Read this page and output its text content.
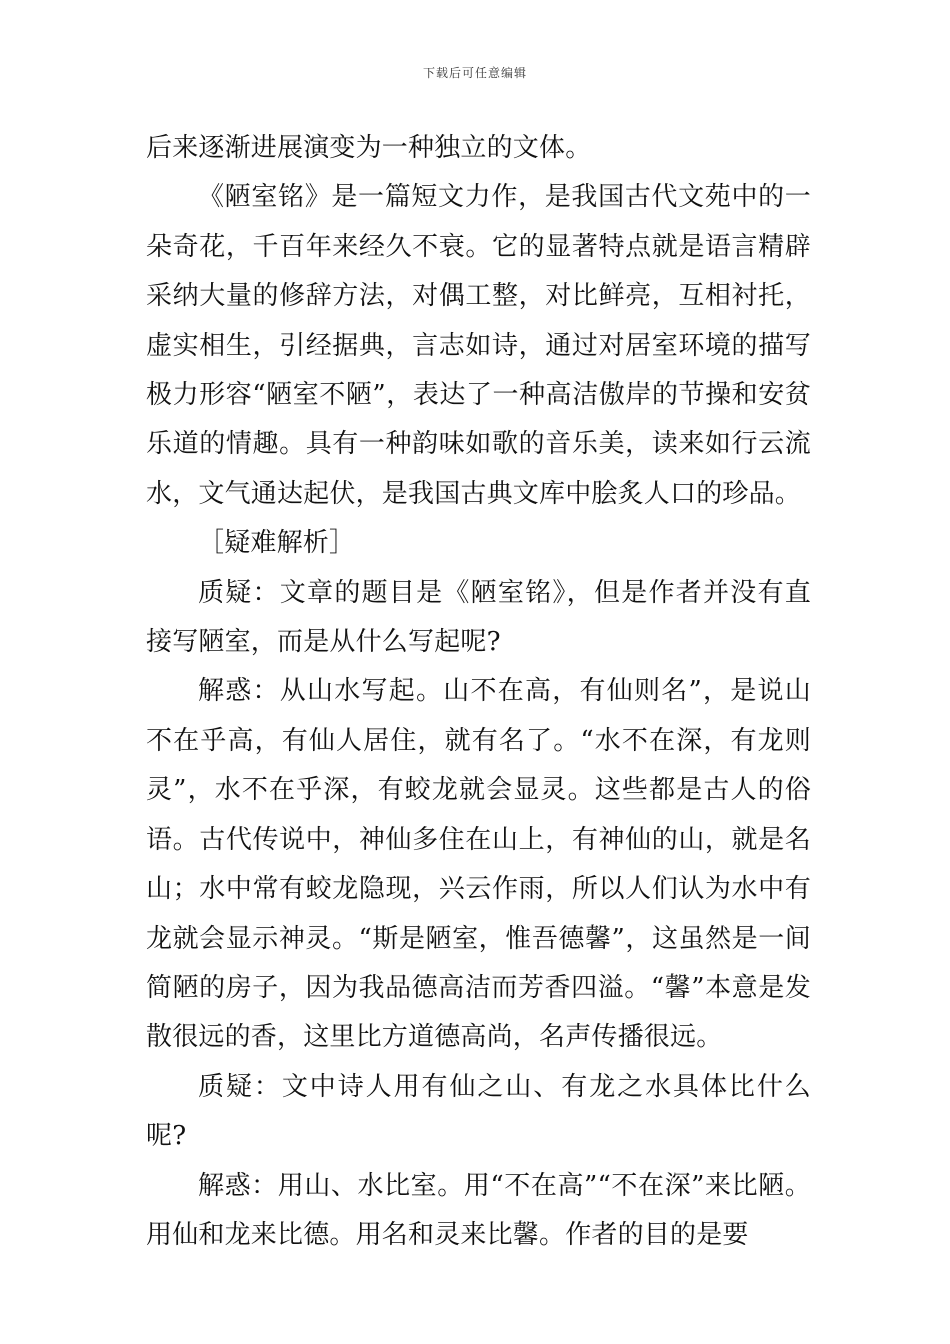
下载后可任意编辑

后来逐渐进展演变为一种独立的文体。

《陋室铭》是一篇短文力作，是我国古代文苑中的一朵奇花，千百年来经久不衰。它的显著特点就是语言精辟采纳大量的修辞方法，对偶工整，对比鲜亮，互相衬托，虚实相生，引经据典，言志如诗，通过对居室环境的描写极力形容“陋室不陋”，表达了一种高洁傲岸的节操和安贫乐道的情趣。具有一种韵味如歌的音乐美，读来如行云流水，文气通达起伏，是我国古典文库中脍炙人口的珍品。

［疑难解析］

质疑：文章的题目是《陋室铭》，但是作者并没有直接写陋室，而是从什么写起呢?

解惑：从山水写起。山不在高，有仙则名”，是说山不在乎高，有仙人居住，就有名了。“水不在深，有龙则灵”，水不在乎深，有蛟龙就会显灵。这些都是古人的俗语。古代传说中，神仙多住在山上，有神仙的山，就是名山；水中常有蛟龙隐现，兴云作雨，所以人们认为水中有龙就会显示神灵。“斯是陋室，惟吾德馨”，这虽然是一间简陋的房子，因为我品德高洁而芳香四溢。“馨”本意是发散很远的香，这里比方道德高尚，名声传播很远。

质疑：文中诗人用有仙之山、有龙之水具体比什么呢?

解惑：用山、水比室。用“不在高”“不在深”来比陋。用仙和龙来比德。用名和灵来比馨。作者的目的是要
